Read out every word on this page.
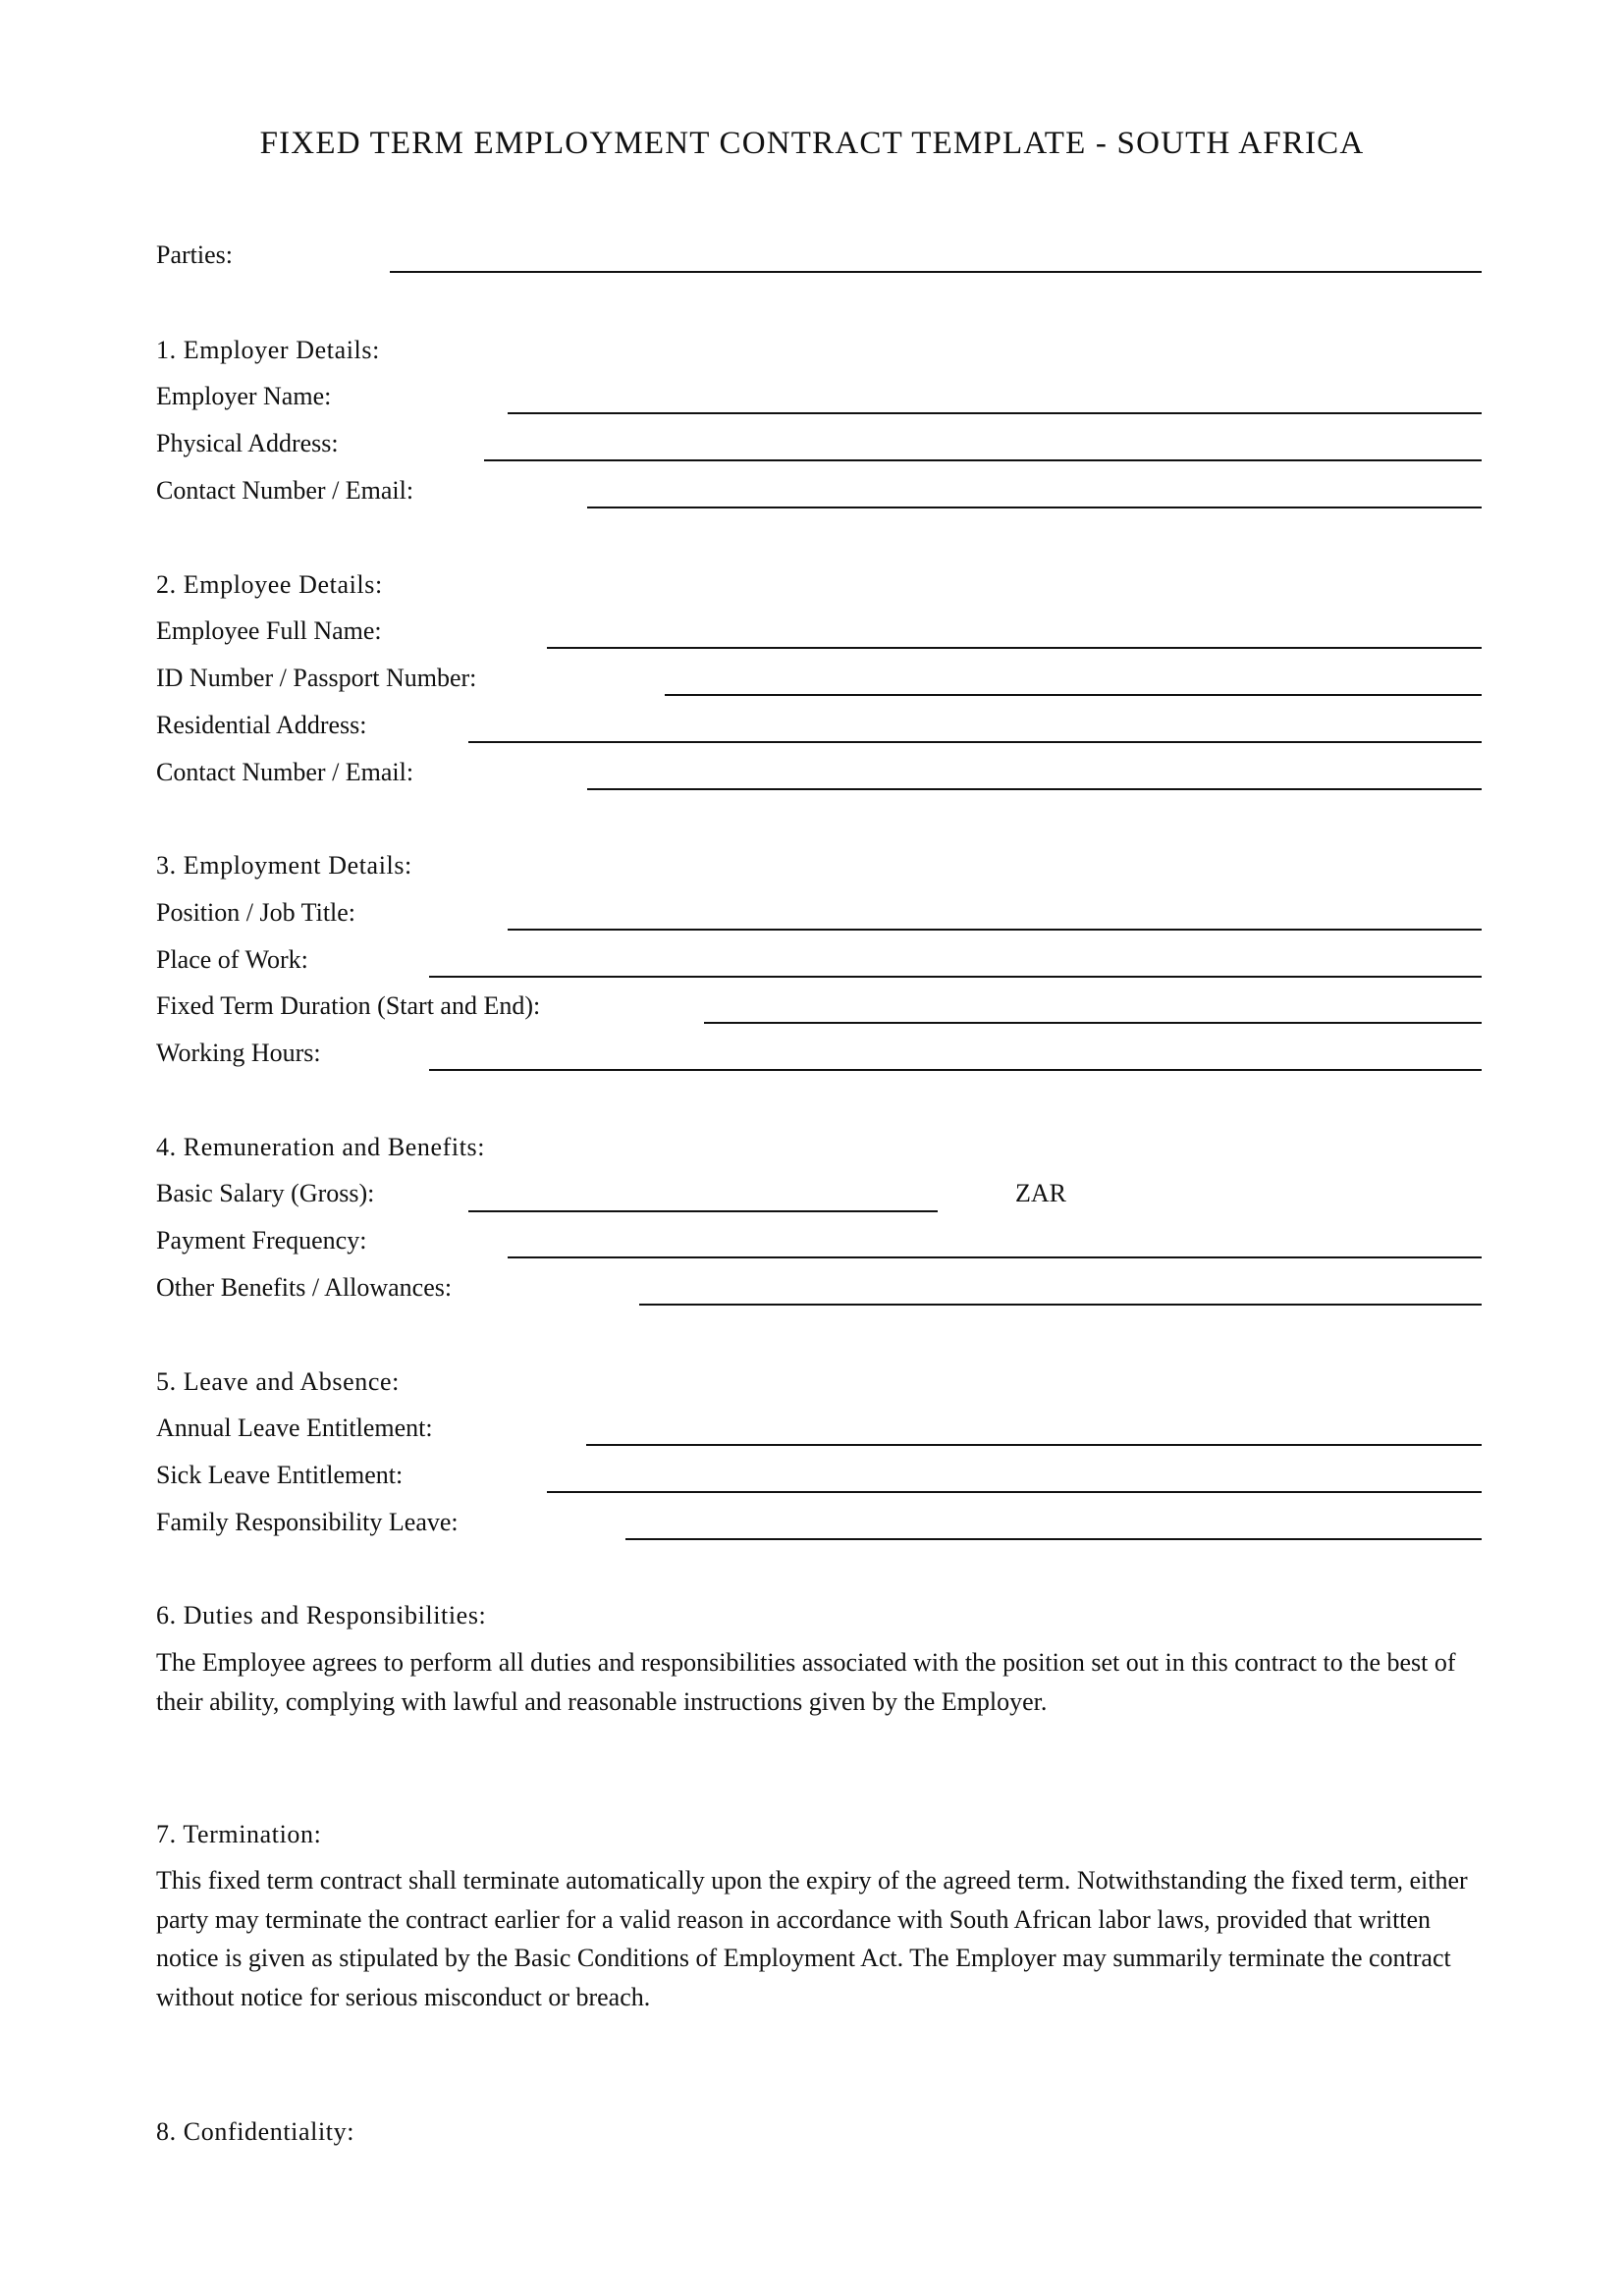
FIXED TERM EMPLOYMENT CONTRACT TEMPLATE - SOUTH AFRICA
Parties:
1. Employer Details:
Employer Name:
Physical Address:
Contact Number / Email:
2. Employee Details:
Employee Full Name:
ID Number / Passport Number:
Residential Address:
Contact Number / Email:
3. Employment Details:
Position / Job Title:
Place of Work:
Fixed Term Duration (Start and End):
Working Hours:
4. Remuneration and Benefits:
Basic Salary (Gross):	ZAR
Payment Frequency:
Other Benefits / Allowances:
5. Leave and Absence:
Annual Leave Entitlement:
Sick Leave Entitlement:
Family Responsibility Leave:
6. Duties and Responsibilities:

The Employee agrees to perform all duties and responsibilities associated with the position set out in this contract to the best of their ability, complying with lawful and reasonable instructions given by the Employer.

7. Termination:

This fixed term contract shall terminate automatically upon the expiry of the agreed term. Notwithstanding the fixed term, either party may terminate the contract earlier for a valid reason in accordance with South African labor laws, provided that written notice is given as stipulated by the Basic Conditions of Employment Act. The Employer may summarily terminate the contract without notice for serious misconduct or breach.

8. Confidentiality:
